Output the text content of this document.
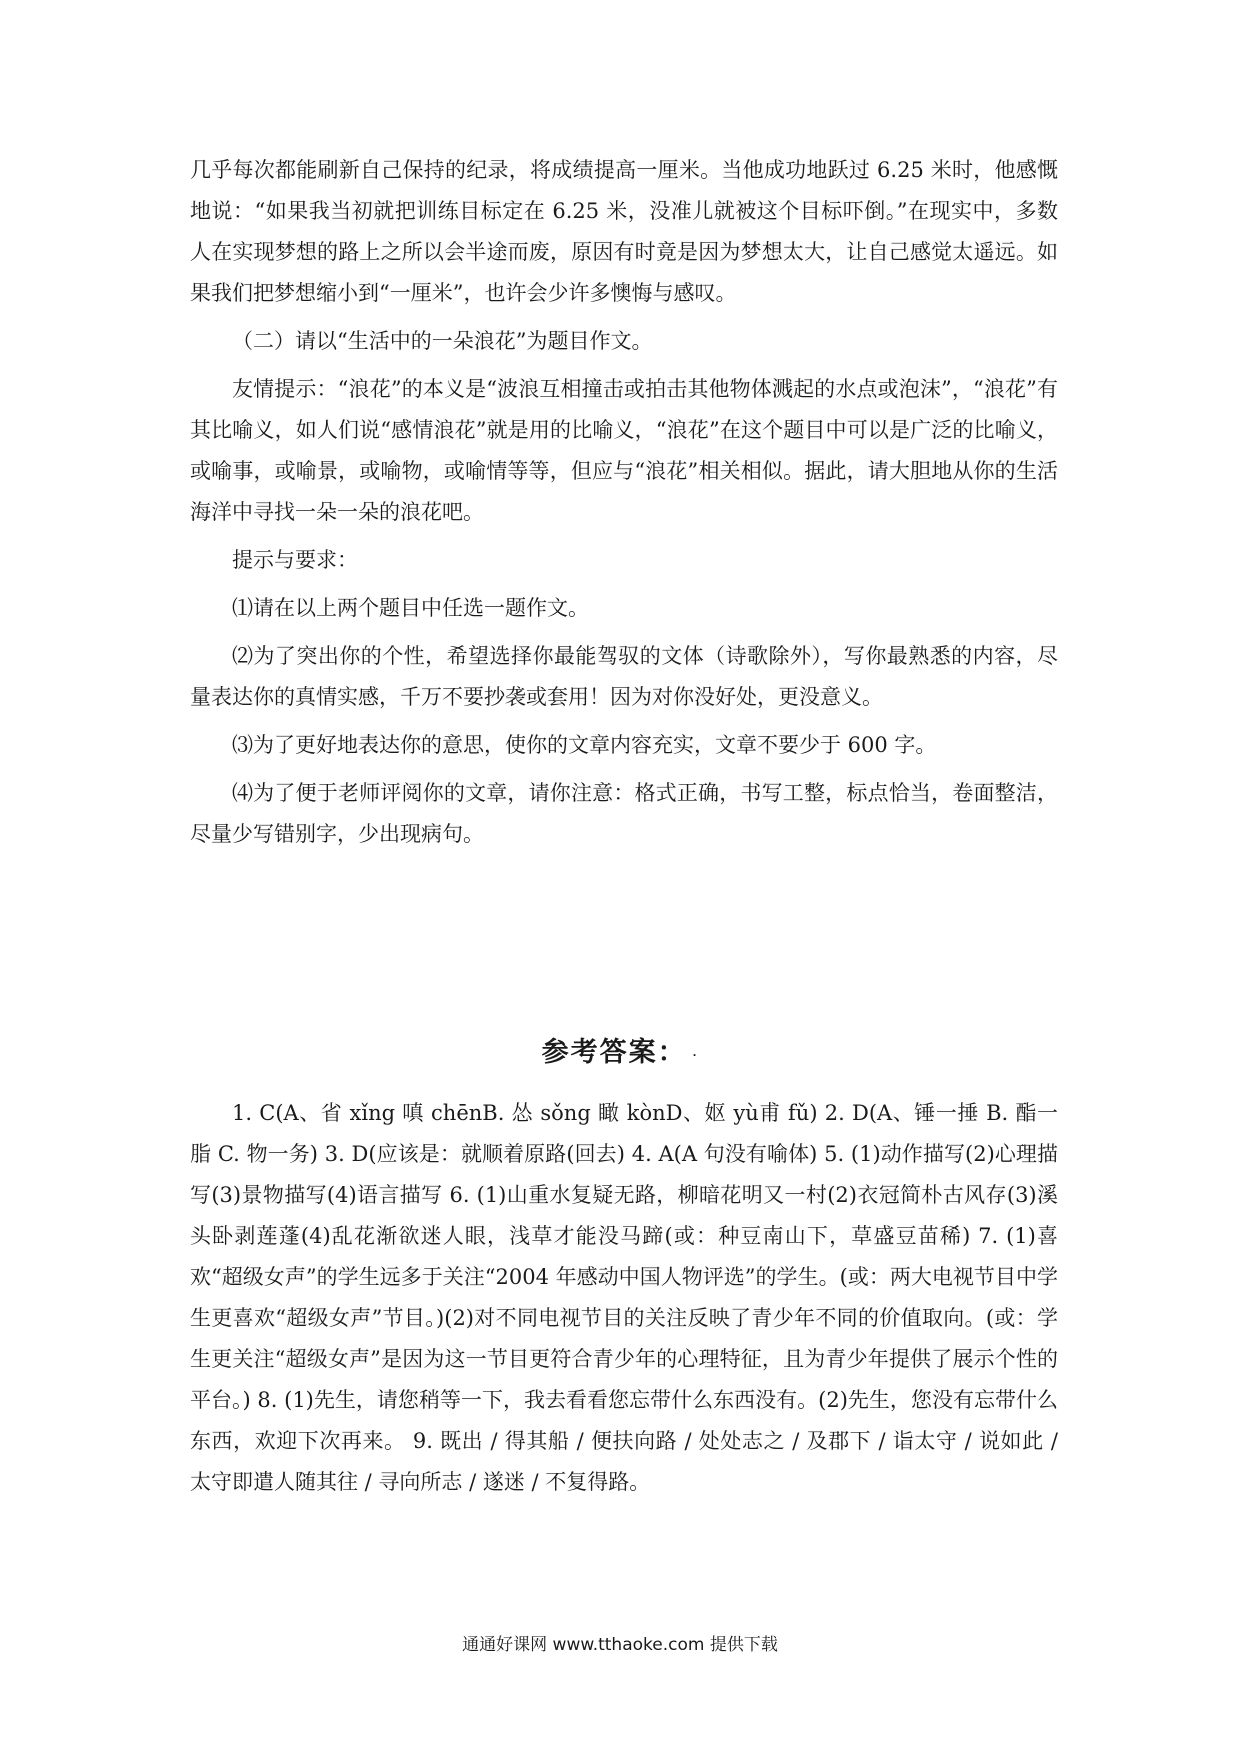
几乎每次都能刷新自己保持的纪录，将成绩提高一厘米。当他成功地跃过 6.25 米时，他感慨地说：“如果我当初就把训练目标定在 6.25 米，没准儿就被这个目标吓倒。”在现实中，多数人在实现梦想的路上之所以会半途而废，原因有时竟是因为梦想太大，让自己感觉太遥远。如果我们把梦想缩小到“一厘米”，也许会少许多懊悔与感叹。

（二）请以“生活中的一朵浪花”为题目作文。

友情提示：“浪花”的本义是“波浪互相撞击或拍击其他物体溅起的水点或泡沫”，“浪花”有其比喻义，如人们说“感情浪花”就是用的比喻义，“浪花”在这个题目中可以是广泛的比喻义，或喻事，或喻景，或喻物，或喻情等等，但应与“浪花”相关相似。据此，请大胆地从你的生活海洋中寻找一朵一朵的浪花吧。

提示与要求：

⑴请在以上两个题目中任选一题作文。

⑵为了突出你的个性，希望选择你最能驾驭的文体（诗歌除外），写你最熟悉的内容，尽量表达你的真情实感，千万不要抄袭或套用！因为对你没好处，更没意义。

⑶为了更好地表达你的意思，使你的文章内容充实，文章不要少于 600 字。

⑷为了便于老师评阅你的文章，请你注意：格式正确，书写工整，标点恰当，卷面整洁，尽量少写错别字，少出现病句。

参考答案： .

1. C(A、省 xǐng 嗔 chēnB. 怂 sǒng 瞰 kònD、妪 yù甫 fǔ) 2. D(A、锤一捶 B. 酯一脂 C. 物一务) 3. D(应该是：就顺着原路(回去) 4. A(A 句没有喻体) 5. (1)动作描写(2)心理描写(3)景物描写(4)语言描写 6. (1)山重水复疑无路，柳暗花明又一村(2)衣冠简朴古风存(3)溪头卧剥莲蓬(4)乱花渐欲迷人眼，浅草才能没马蹄(或：种豆南山下，草盛豆苗稀) 7. (1)喜欢“超级女声”的学生远多于关注“2004 年感动中国人物评选”的学生。(或：两大电视节目中学生更喜欢“超级女声”节目。)(2)对不同电视节目的关注反映了青少年不同的价值取向。(或：学生更关注“超级女声”是因为这一节目更符合青少年的心理特征，且为青少年提供了展示个性的平台。) 8. (1)先生，请您稍等一下，我去看看您忘带什么东西没有。(2)先生，您没有忘带什么东西，欢迎下次再来。 9. 既出 / 得其船 / 便扶向路 / 处处志之 / 及郡下 / 诣太守 / 说如此 / 太守即遣人随其往 / 寻向所志 / 遂迷 / 不复得路。

通通好课网 www.tthaoke.com 提供下载
